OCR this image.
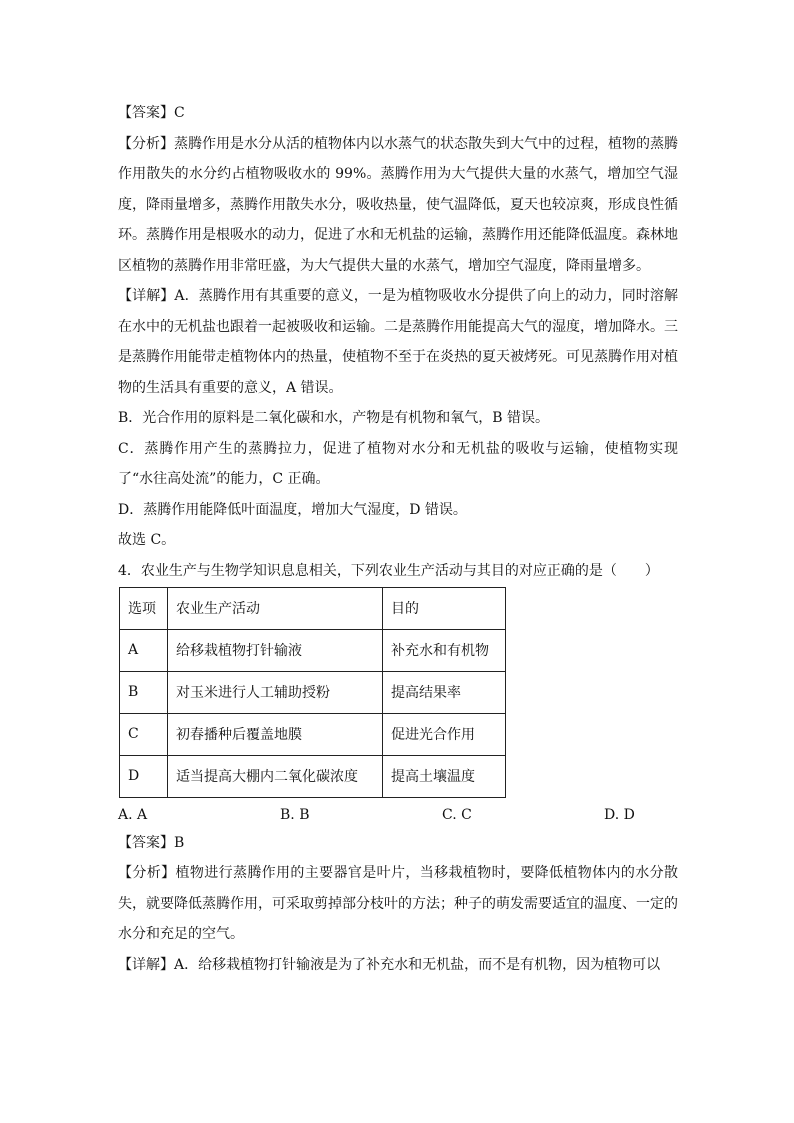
【答案】C

【分析】蒸腾作用是水分从活的植物体内以水蒸气的状态散失到大气中的过程，植物的蒸腾作用散失的水分约占植物吸收水的 99%。蒸腾作用为大气提供大量的水蒸气，增加空气湿度，降雨量增多，蒸腾作用散失水分，吸收热量，使气温降低，夏天也较凉爽，形成良性循环。蒸腾作用是根吸水的动力，促进了水和无机盐的运输，蒸腾作用还能降低温度。森林地区植物的蒸腾作用非常旺盛，为大气提供大量的水蒸气，增加空气湿度，降雨量增多。

【详解】A．蒸腾作用有其重要的意义，一是为植物吸收水分提供了向上的动力，同时溶解在水中的无机盐也跟着一起被吸收和运输。二是蒸腾作用能提高大气的湿度，增加降水。三是蒸腾作用能带走植物体内的热量，使植物不至于在炎热的夏天被烤死。可见蒸腾作用对植物的生活具有重要的意义，A 错误。

B．光合作用的原料是二氧化碳和水，产物是有机物和氧气，B 错误。

C．蒸腾作用产生的蒸腾拉力，促进了植物对水分和无机盐的吸收与运输，使植物实现了“水往高处流”的能力，C 正确。

D．蒸腾作用能降低叶面温度，增加大气湿度，D 错误。

故选 C。

4．农业生产与生物学知识息息相关，下列农业生产活动与其目的对应正确的是（　　）

选项	农业生产活动	目的
A	给移栽植物打针输液	补充水和有机物
B	对玉米进行人工辅助授粉	提高结果率
C	初春播种后覆盖地膜	促进光合作用
D	适当提高大棚内二氧化碳浓度	提高土壤温度
A. A	B. B	C. C	D. D

【答案】B

【分析】植物进行蒸腾作用的主要器官是叶片，当移栽植物时，要降低植物体内的水分散失，就要降低蒸腾作用，可采取剪掉部分枝叶的方法；种子的萌发需要适宜的温度、一定的水分和充足的空气。

【详解】A．给移栽植物打针输液是为了补充水和无机盐，而不是有机物，因为植物可以
